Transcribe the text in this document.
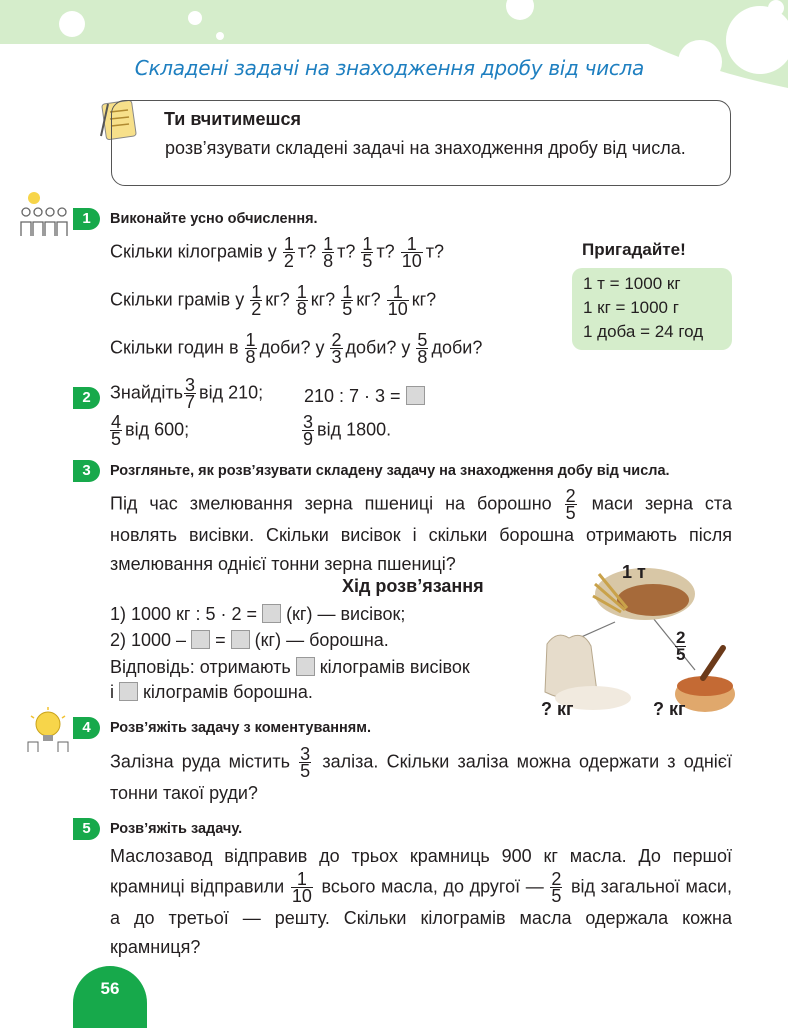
Складені задачі на знаходження дробу від числа
Ти вчитимешся
розв’язувати складені задачі на знаходження дробу від числа.
1	Виконайте усно обчислення.
Скільки кілограмів у $\frac{1}{2} т$? $\frac{1}{8} т$? $\frac{1}{5} т$? $\frac{1}{10} т$?
Скільки грамів у $\frac{1}{2}$ кг? $\frac{1}{8}$ кг? $\frac{1}{5}$ кг? $\frac{1}{10}$ кг?
Скільки годин в $\frac{1}{8}$ доби? у $\frac{2}{3}$ доби? у $\frac{5}{8}$ доби?
Пригадайте!
1 т = 1000 кг
1 кг = 1000 г
1 доба = 24 год
2	Знайдіть $\frac{3}{7}$ від 210; 210 : 7 · 3 =
$\frac{4}{5}$ від 600;	$\frac{3}{9}$ від 1800.
3	Розгляньте, як розв’язувати складену задачу на знаходження добу від числа.
Під час змелювання зерна пшениці на борошно $\frac{2}{5}$ маси зерна ста новлять висівки. Скільки висівок і скільки борошна отримають після змелювання однієї тонни зерна пшениці?
Хід розв’язання
1) 1000 кг : 5 · 2 = (кг) — висівок;
2) 1000 – = (кг) — борошна.
Відповідь: отримають кілограмів висівок
і кілограмів борошна.
1 т
$\frac{2}{5}$
? кг	? кг
4	Розв’яжіть задачу з коментуванням.
Залізна руда містить $\frac{3}{5}$ заліза. Скільки заліза можна одержати з однієї тонни такої руди?
5	Розв’яжіть задачу.
Маслозавод відправив до трьох крамниць 900 кг масла. До першої крамниці відправили $\frac{1}{10}$ всього масла, до другої — $\frac{2}{5}$ від загальної маси, а до третьої — решту. Скільки кілограмів масла одержала кожна крамниця?
56
